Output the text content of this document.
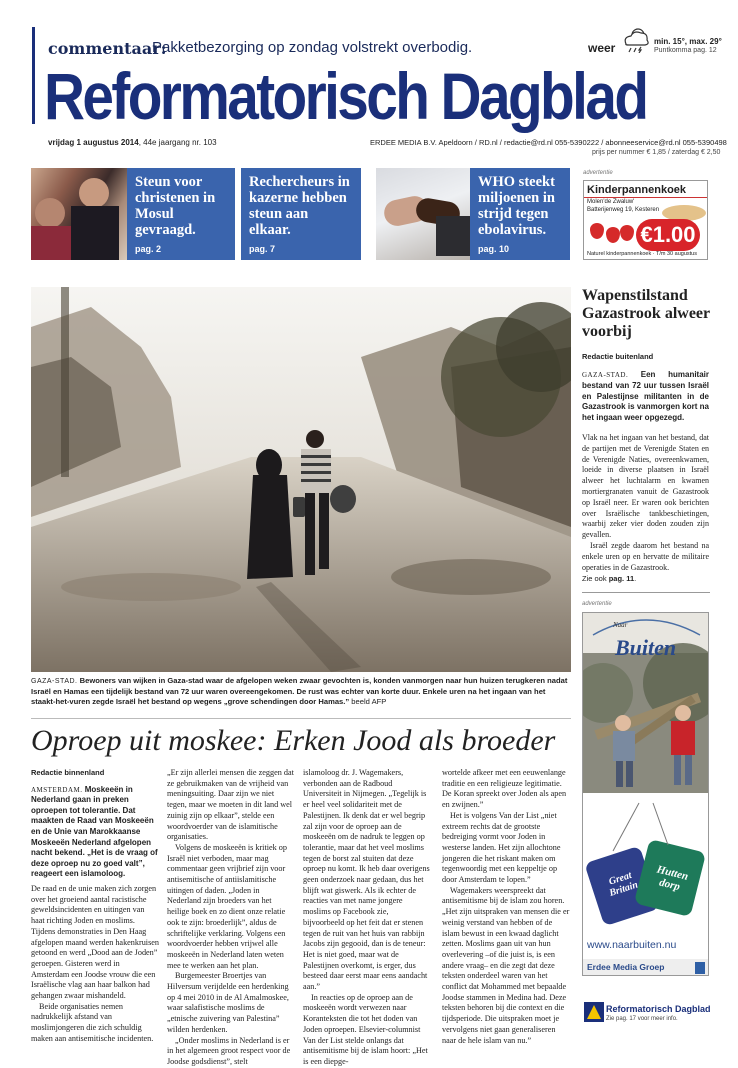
commentaar:
Pakketbezorging op zondag volstrekt overbodig.	weer	min. 15°, max. 29°
Puntkomma pag. 12
Reformatorisch Dagblad
vrijdag 1 augustus 2014, 44e jaargang nr. 103	ERDEE MEDIA B.V. Apeldoorn / RD.nl / redactie@rd.nl 055-5390222 / abonneeservice@rd.nl 055-5390498
prijs per nummer € 1,85 / zaterdag € 2,50
Steun voor christenen in Mosul gevraagd.
pag. 2
Rechercheurs in kazerne hebben steun aan elkaar.
pag. 7
WHO steekt miljoenen in strijd tegen ebolavirus.
pag. 10
advertentie
Kinderpannenkoek
Molen'de Zwaluw'
Batterijenweg 19, Kesteren
€1.00
Naturel kinderpannenkoek · T/m 30 augustus
GAZA-STAD. Bewoners van wijken in Gaza-stad waar de afgelopen weken zwaar gevochten is, konden vanmorgen naar hun huizen terugkeren nadat Israël en Hamas een tijdelijk bestand van 72 uur waren overeengekomen. De rust was echter van korte duur. Enkele uren na het ingaan van het staakt-het-vuren zegde Israël het bestand op wegens „grove schendingen door Hamas.” beeld AFP
Wapenstilstand Gazastrook alweer voorbij
Redactie buitenland

GAZA-STAD. Een humanitair bestand van 72 uur tussen Israël en Palestijnse militanten in de Gazastrook is vanmorgen kort na het ingaan weer opgezegd.

Vlak na het ingaan van het bestand, dat de partijen met de Verenigde Staten en de Verenigde Naties, overeenkwamen, loeide in diverse plaatsen in Israël alweer het luchtalarm en kwamen mortiergranaten vanuit de Gazastrook op Israël neer. Er waren ook berichten over Israëlische tankbeschietingen, waarbij zeker vier doden zouden zijn gevallen.

Israël zegde daarom het bestand na enkele uren op en hervatte de militaire operaties in de Gazastrook.

Zie ook pag. 11.
advertentie
Naar
Buiten
Great Britain
Hutten dorp
www.naarbuiten.nu
Erdee Media Groep
Oproep uit moskee: Erken Jood als broeder
Redactie binnenland
AMSTERDAM. Moskeeën in Nederland gaan in preken oproepen tot tolerantie. Dat maakten de Raad van Moskeeën en de Unie van Marokkaanse Moskeeën Nederland afgelopen nacht bekend. „Het is de vraag of deze oproep nu zo goed valt”, reageert een islamoloog.

De raad en de unie maken zich zorgen over het groeiend aantal racistische geweldsincidenten en uitingen van haat richting Joden en moslims. Tijdens demonstraties in Den Haag afgelopen maand werden hakenkruisen getoond en werd „Dood aan de Joden” geroepen. Gisteren werd in Amsterdam een Joodse vrouw die een Israëlische vlag aan haar balkon had gehangen zwaar mishandeld.

Beide organisaties nemen nadrukkelijk afstand van moslimjongeren die zich schuldig maken aan antisemitische incidenten.

„Er zijn allerlei mensen die zeggen dat ze gebruikmaken van de vrijheid van meningsuiting. Daar zijn we niet tegen, maar we moeten in dit land wel zuinig zijn op elkaar”, stelde een woordvoerder van de islamitische organisaties.

Volgens de moskeeën is kritiek op Israël niet verboden, maar mag commentaar geen vrijbrief zijn voor antisemitische of antiislamitische uitingen of daden. „Joden in Nederland zijn broeders van het heilige boek en zo dient onze relatie ook te zijn: broederlijk”, aldus de schriftelijke verklaring. Volgens een woordvoerder hebben vrijwel alle moskeeën in Nederland laten weten mee te werken aan het plan.

Burgemeester Broertjes van Hilversum verijdelde een herdenking op 4 mei 2010 in de Al Amalmoskee, waar salafistische moslims de „etnische zuivering van Palestina” wilden herdenken.

„Onder moslims in Nederland is er in het algemeen groot respect voor de Joodse godsdienst”, stelt

islamoloog dr. J. Wagemakers, verbonden aan de Radboud Universiteit in Nijmegen. „Tegelijk is er heel veel solidariteit met de Palestijnen. Ik denk dat er wel begrip zal zijn voor de oproep aan de moskeeën om de nadruk te leggen op tolerantie, maar dat het veel moslims tegen de borst zal stuiten dat deze oproep nu komt. Ik heb daar overigens geen onderzoek naar gedaan, dus het blijft wat giswerk. Als ik echter de reacties van met name jongere moslims op Facebook zie, bijvoorbeeld op het feit dat er stenen tegen de ruit van het huis van rabbijn Jacobs zijn gegooid, dan is de teneur: Het is niet goed, maar wat de Palestijnen overkomt, is erger, dus besteed daar eerst maar eens aandacht aan.”

In reacties op de oproep aan de moskeeën wordt verwezen naar Koranteksten die tot het doden van Joden oproepen. Elsevier-columnist Van der List stelde onlangs dat antisemitisme bij de islam hoort: „Het is een diepge-

wortelde afkeer met een eeuwenlange traditie en een religieuze legitimatie. De Koran spreekt over Joden als apen en zwijnen.”

Het is volgens Van der List „niet extreem rechts dat de grootste bedreiging vormt voor Joden in westerse landen. Het zijn allochtone jongeren die het riskant maken om tegenwoordig met een keppeltje op door Amsterdam te lopen.”

Wagemakers weerspreekt dat antisemitisme bij de islam zou horen. „Het zijn uitspraken van mensen die er weinig verstand van hebben of de islam bewust in een kwaad daglicht zetten. Moslims gaan uit van hun overlevering –of die juist is, is een andere vraag– en die zegt dat deze teksten onderdeel waren van het conflict dat Mohammed met bepaalde Joodse stammen in Medina had. Deze teksten behoren bij die context en die tijdsperiode. Die uitspraken moet je vervolgens niet gaan generaliseren naar de hele islam van nu.”

Reformatorisch Dagblad
Zie pag. 17 voor meer info.
